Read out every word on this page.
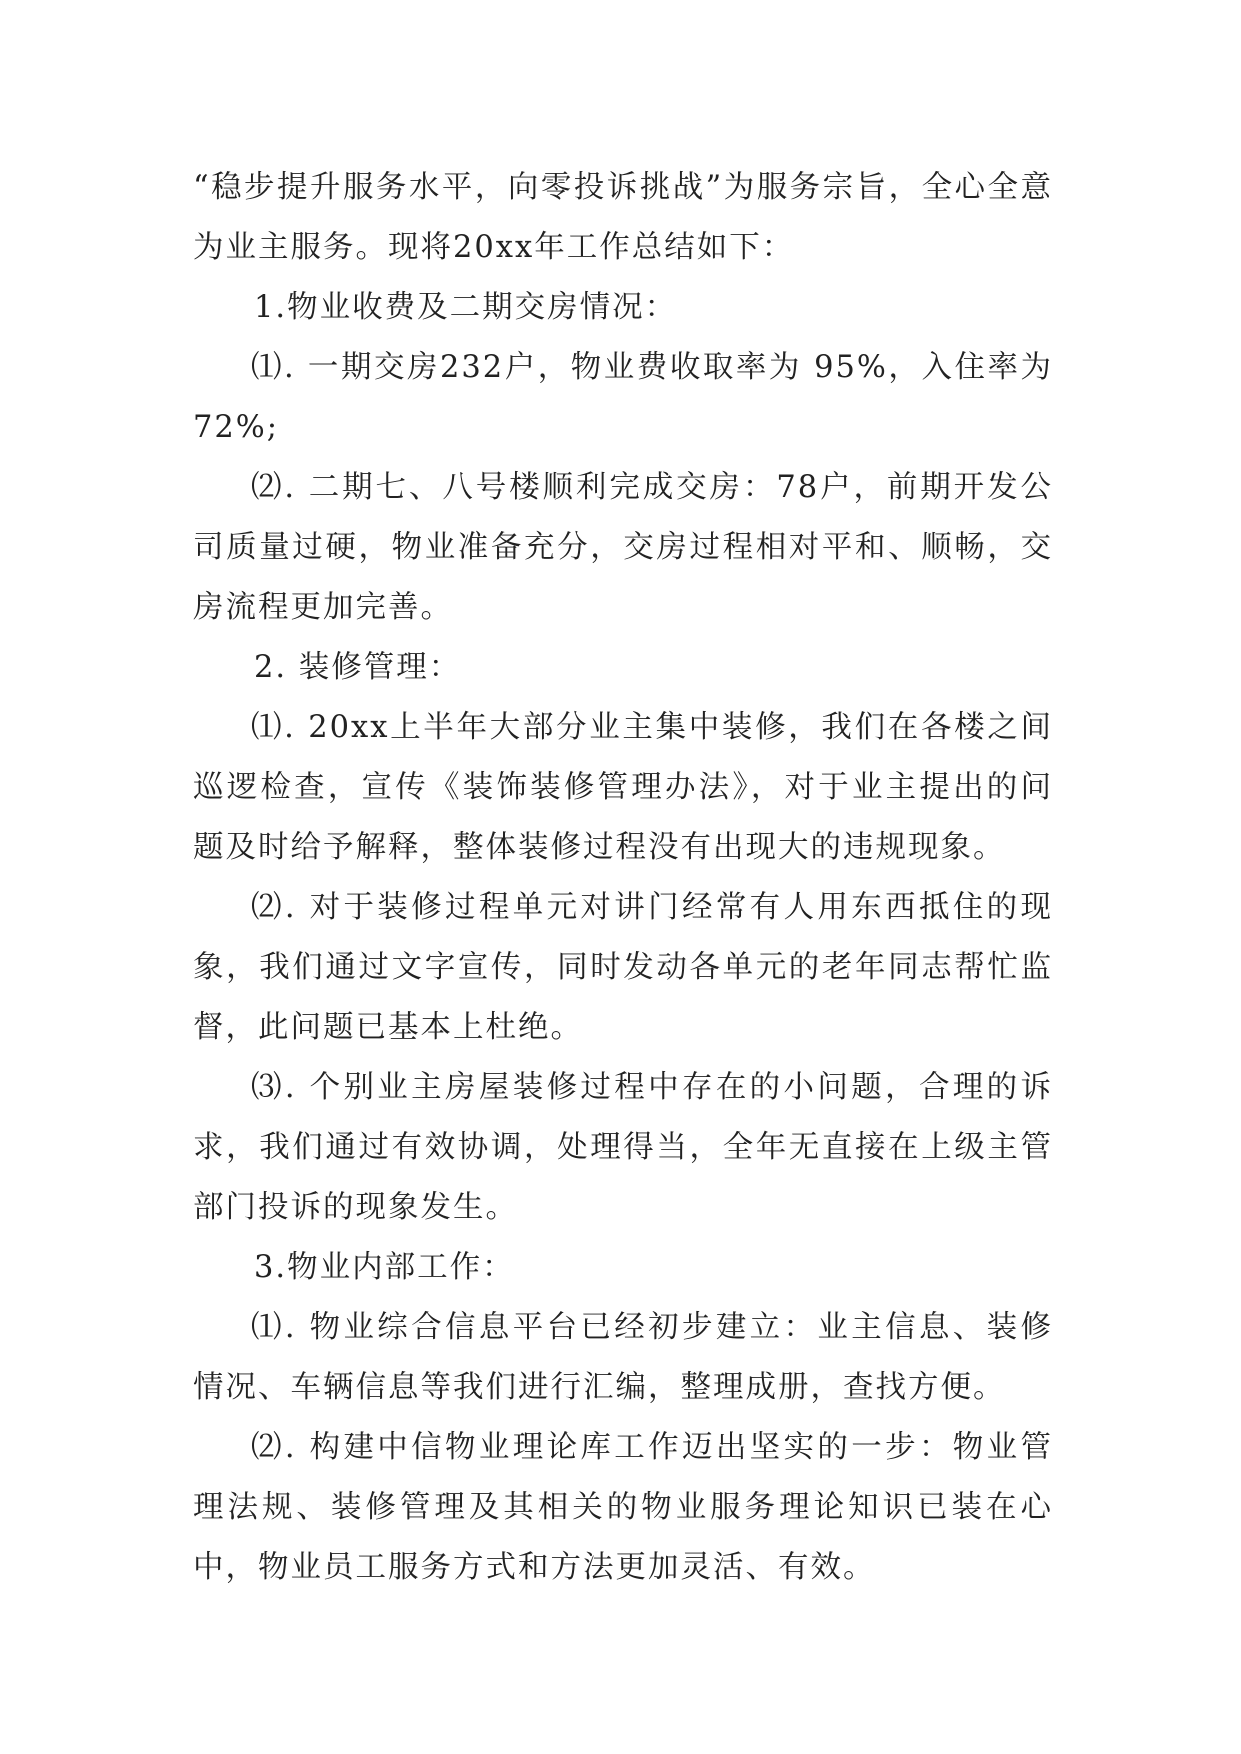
“稳步提升服务水平，向零投诉挑战”为服务宗旨，全心全意为业主服务。现将20xx年工作总结如下：

1.物业收费及二期交房情况：

⑴. 一期交房232户，物业费收取率为 95%，入住率为72%;

⑵. 二期七、八号楼顺利完成交房：78户，前期开发公司质量过硬，物业准备充分，交房过程相对平和、顺畅，交房流程更加完善。

2. 装修管理：

⑴. 20xx上半年大部分业主集中装修，我们在各楼之间巡逻检查，宣传《装饰装修管理办法》，对于业主提出的问题及时给予解释，整体装修过程没有出现大的违规现象。

⑵. 对于装修过程单元对讲门经常有人用东西抵住的现象，我们通过文字宣传，同时发动各单元的老年同志帮忙监督，此问题已基本上杜绝。

⑶. 个别业主房屋装修过程中存在的小问题，合理的诉求，我们通过有效协调，处理得当，全年无直接在上级主管部门投诉的现象发生。

3.物业内部工作：

⑴. 物业综合信息平台已经初步建立：业主信息、装修情况、车辆信息等我们进行汇编，整理成册，查找方便。

⑵. 构建中信物业理论库工作迈出坚实的一步：物业管理法规、装修管理及其相关的物业服务理论知识已装在心中，物业员工服务方式和方法更加灵活、有效。
